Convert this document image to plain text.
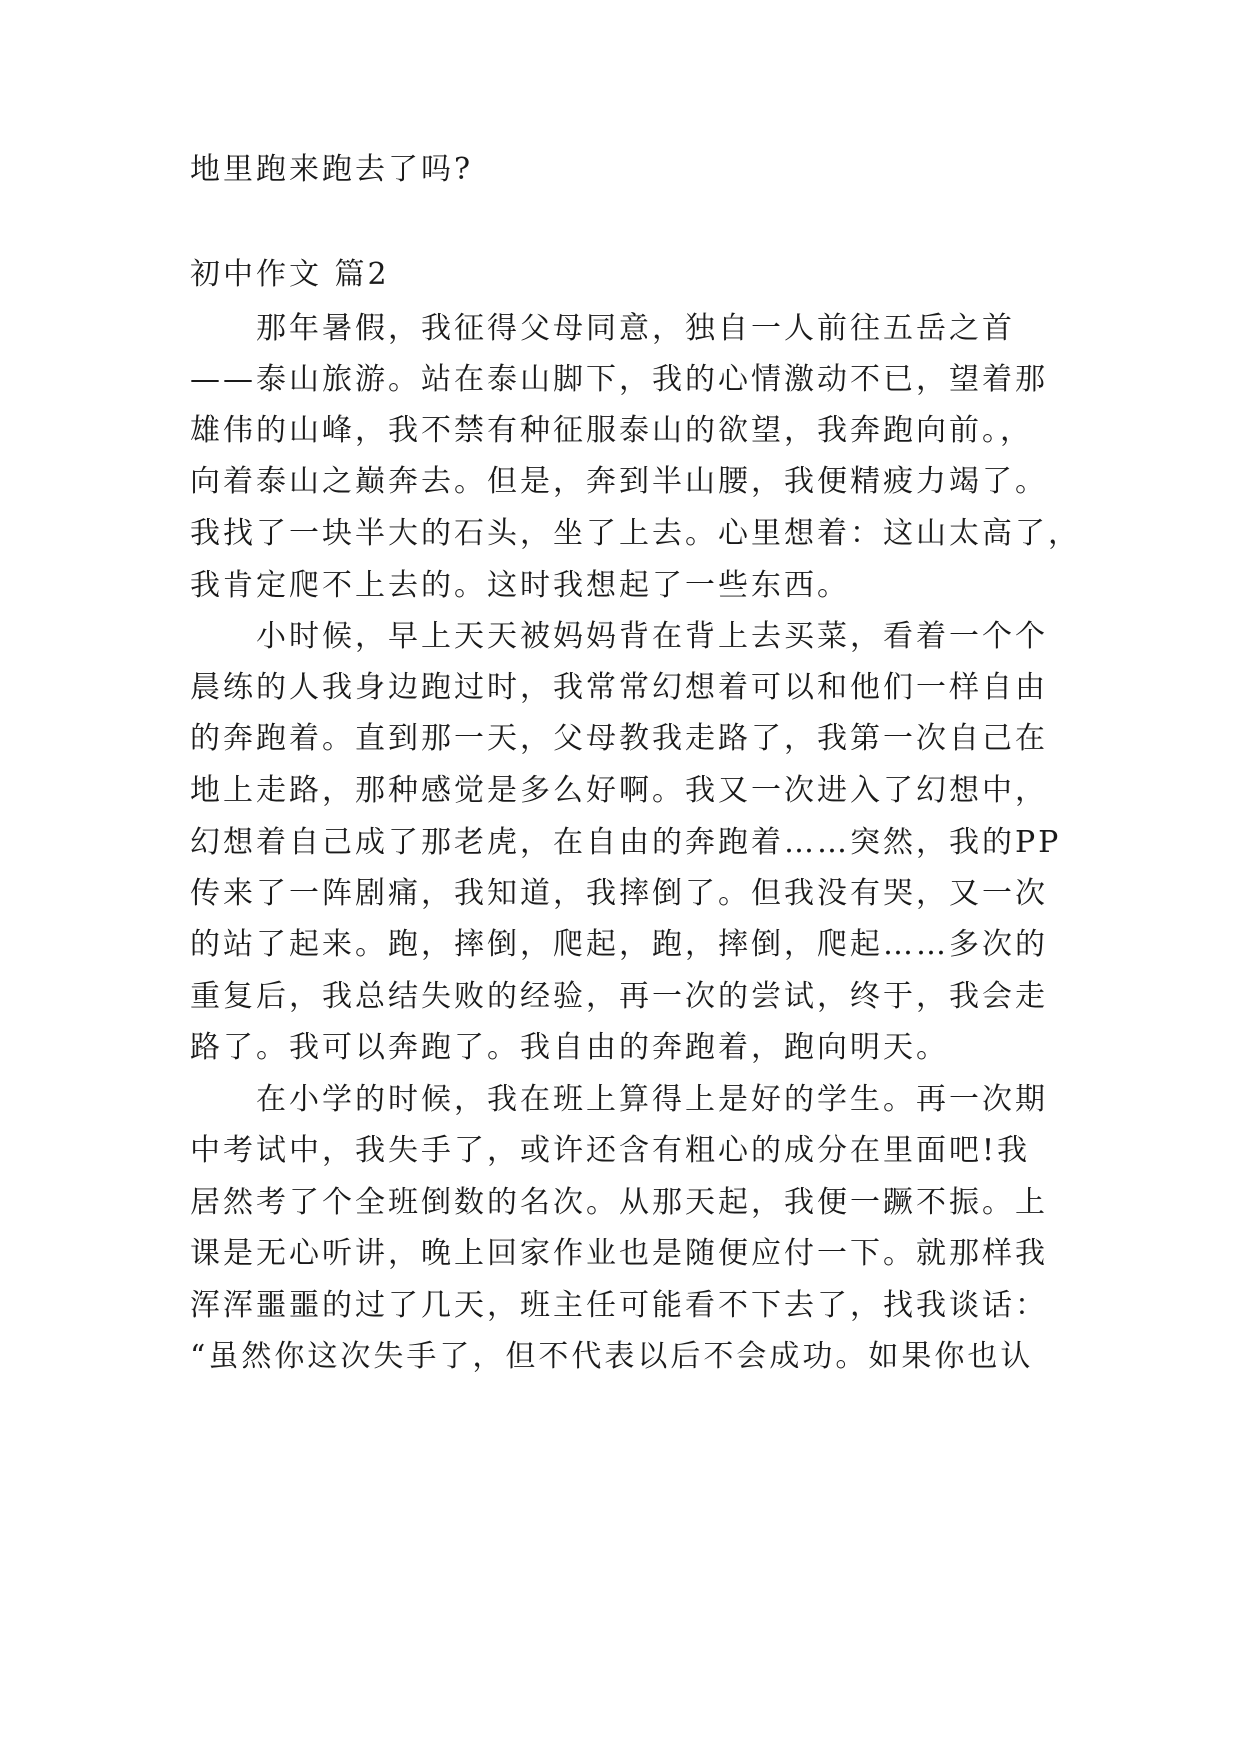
地里跑来跑去了吗?
初中作文 篇2
那年暑假，我征得父母同意，独自一人前往五岳之首
——泰山旅游。站在泰山脚下，我的心情激动不已，望着那
雄伟的山峰，我不禁有种征服泰山的欲望，我奔跑向前。，
向着泰山之巅奔去。但是，奔到半山腰，我便精疲力竭了。
我找了一块半大的石头，坐了上去。心里想着：这山太高了，
我肯定爬不上去的。这时我想起了一些东西。
小时候，早上天天被妈妈背在背上去买菜，看着一个个
晨练的人我身边跑过时，我常常幻想着可以和他们一样自由
的奔跑着。直到那一天，父母教我走路了，我第一次自己在
地上走路，那种感觉是多么好啊。我又一次进入了幻想中，
幻想着自己成了那老虎，在自由的奔跑着……突然，我的PP
传来了一阵剧痛，我知道，我摔倒了。但我没有哭，又一次
的站了起来。跑，摔倒，爬起，跑，摔倒，爬起……多次的
重复后，我总结失败的经验，再一次的尝试，终于，我会走
路了。我可以奔跑了。我自由的奔跑着，跑向明天。
在小学的时候，我在班上算得上是好的学生。再一次期
中考试中，我失手了，或许还含有粗心的成分在里面吧!我
居然考了个全班倒数的名次。从那天起，我便一蹶不振。上
课是无心听讲，晚上回家作业也是随便应付一下。就那样我
浑浑噩噩的过了几天，班主任可能看不下去了，找我谈话：
“虽然你这次失手了，但不代表以后不会成功。如果你也认
